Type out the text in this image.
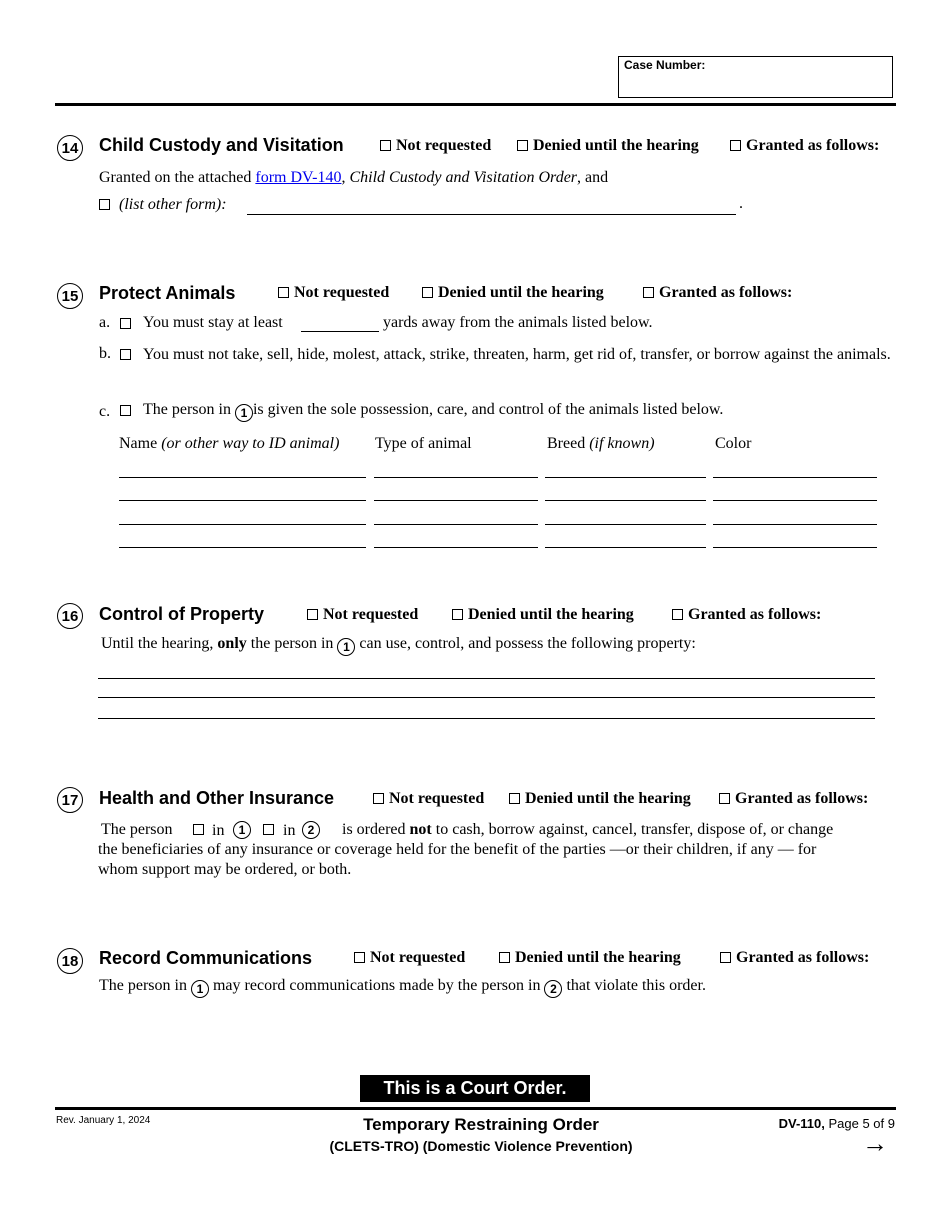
Case Number:
14 Child Custody and Visitation	Not requested	Denied until the hearing	Granted as follows:
Granted on the attached form DV-140, Child Custody and Visitation Order, and
(list other form):	.
15 Protect Animals	Not requested	Denied until the hearing	Granted as follows:
a. You must stay at least	yards away from the animals listed below.
b. You must not take, sell, hide, molest, attack, strike, threaten, harm, get rid of, transfer, or borrow against the animals.
c. The person in 1 is given the sole possession, care, and control of the animals listed below.
Name (or other way to ID animal) Type of animal	Breed (if known)	Color
16 Control of Property	Not requested	Denied until the hearing	Granted as follows:
Until the hearing, only the person in 1 can use, control, and possess the following property:
17 Health and Other Insurance	Not requested	Denied until the hearing	Granted as follows:
The person in	1	in	2	is ordered not to cash, borrow against, cancel, transfer, dispose of, or change
the beneficiaries of any insurance or coverage held for the benefit of the parties —or their children, if any — for
whom support may be ordered, or both.
18 Record Communications	Not requested	Denied until the hearing	Granted as follows:
The person in 1 may record communications made by the person in 2 that violate this order.
This is a Court Order.
Rev. January 1, 2024	Temporary Restraining Order
(CLETS-TRO) (Domestic Violence Prevention)
DV-110, Page 5 of 9
→
